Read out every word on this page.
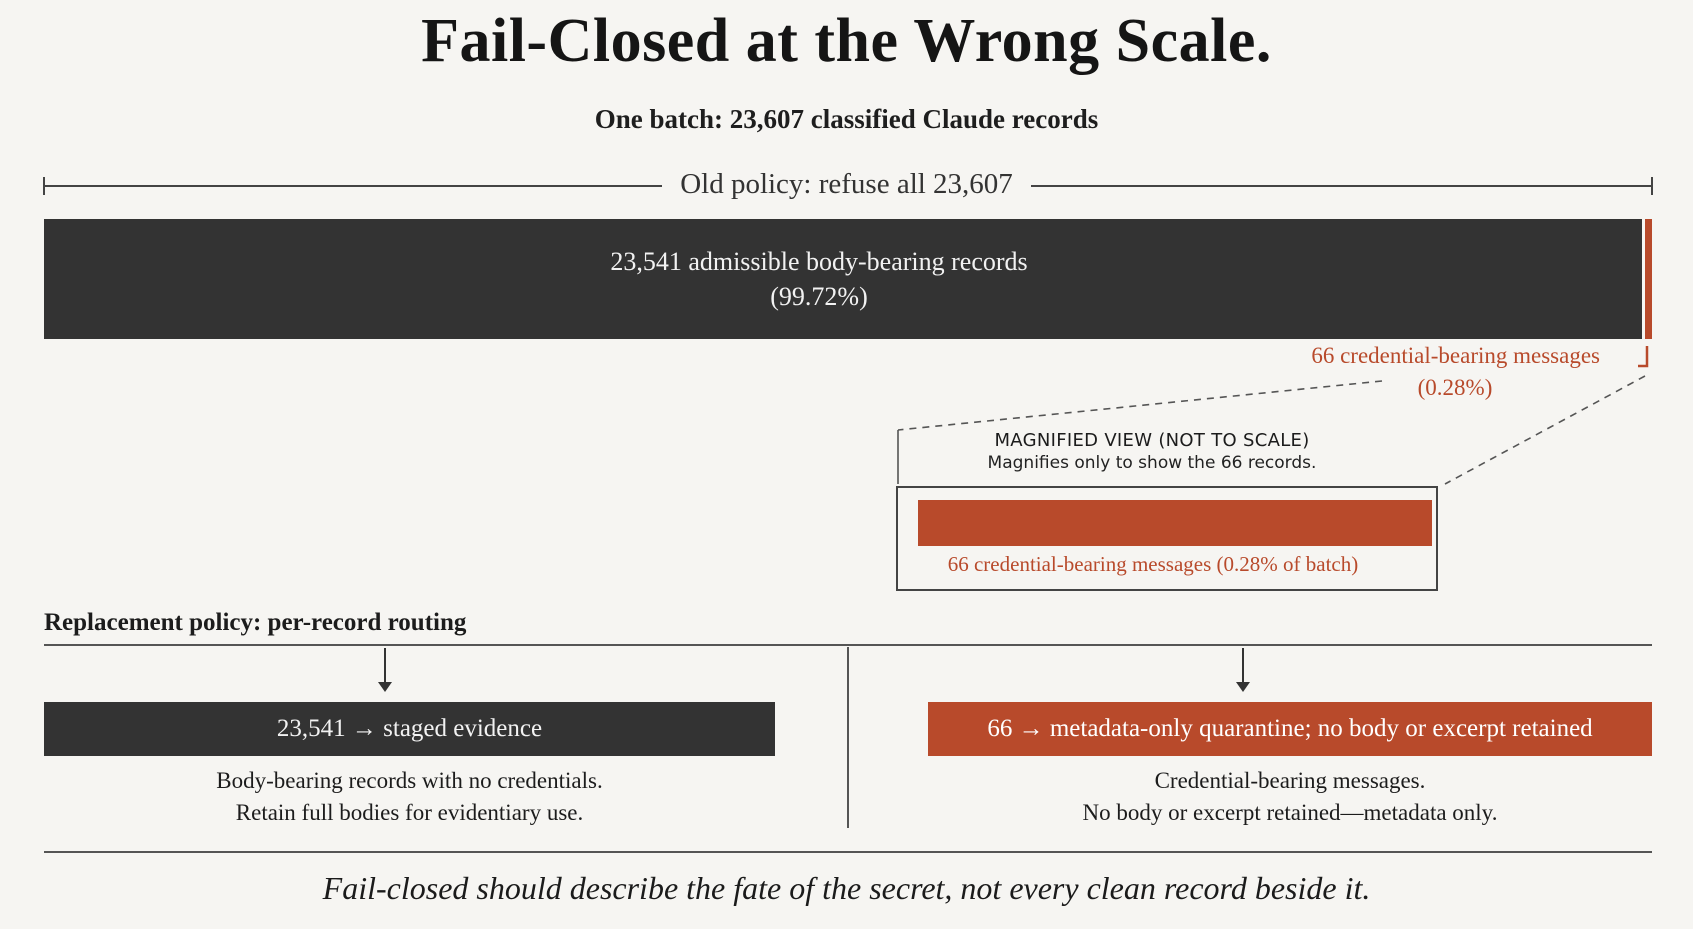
Fail-Closed at the Wrong Scale.
One batch: 23,607 classified Claude records
Old policy: refuse all 23,607
23,541 admissible body-bearing records
(99.72%)
66 credential-bearing messages
(0.28%)
MAGNIFIED VIEW (NOT TO SCALE)
Magnifies only to show the 66 records.
66 credential-bearing messages (0.28% of batch)
Replacement policy: per-record routing
23,541 → staged evidence
Body-bearing records with no credentials.
Retain full bodies for evidentiary use.
66 → metadata-only quarantine; no body or excerpt retained
Credential-bearing messages.
No body or excerpt retained—metadata only.
Fail-closed should describe the fate of the secret, not every clean record beside it.
